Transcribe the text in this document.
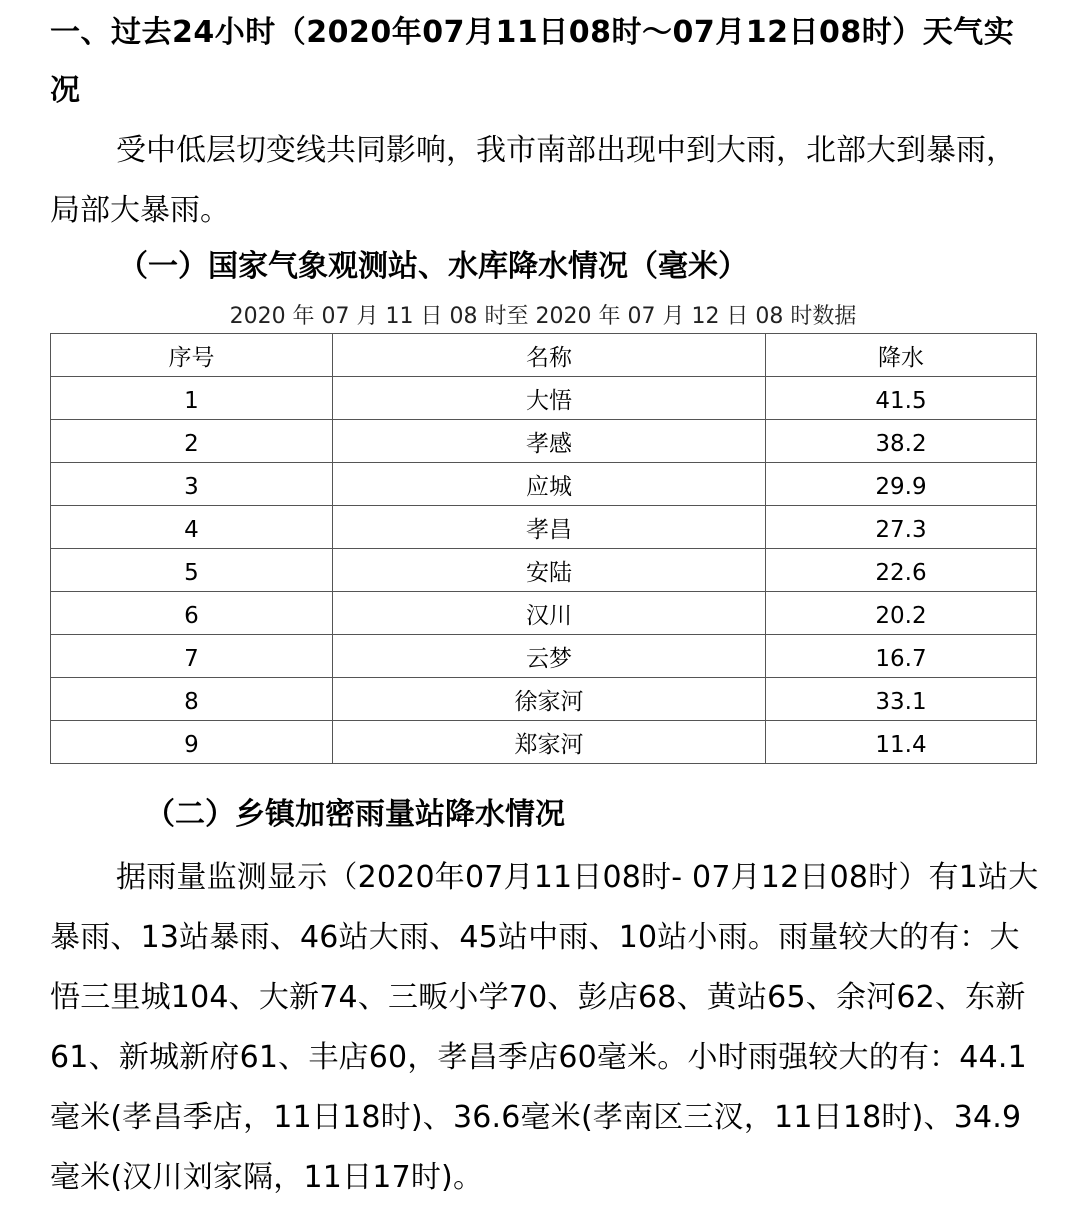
一、过去24小时（2020年07月11日08时～07月12日08时）天气实况
受中低层切变线共同影响，我市南部出现中到大雨，北部大到暴雨，局部大暴雨。
（一）国家气象观测站、水库降水情况（毫米）
2020 年 07 月 11 日 08 时至 2020 年 07 月 12 日 08 时数据
序号	名称	降水
1	大悟	41.5
2	孝感	38.2
3	应城	29.9
4	孝昌	27.3
5	安陆	22.6
6	汉川	20.2
7	云梦	16.7
8	徐家河	33.1
9	郑家河	11.4
（二）乡镇加密雨量站降水情况
据雨量监测显示（2020年07月11日08时- 07月12日08时）有1站大暴雨、13站暴雨、46站大雨、45站中雨、10站小雨。雨量较大的有：大悟三里城104、大新74、三畈小学70、彭店68、黄站65、余河62、东新61、新城新府61、丰店60，孝昌季店60毫米。小时雨强较大的有：44.1毫米(孝昌季店，11日18时)、36.6毫米(孝南区三汊，11日18时)、34.9毫米(汉川刘家隔，11日17时)。
